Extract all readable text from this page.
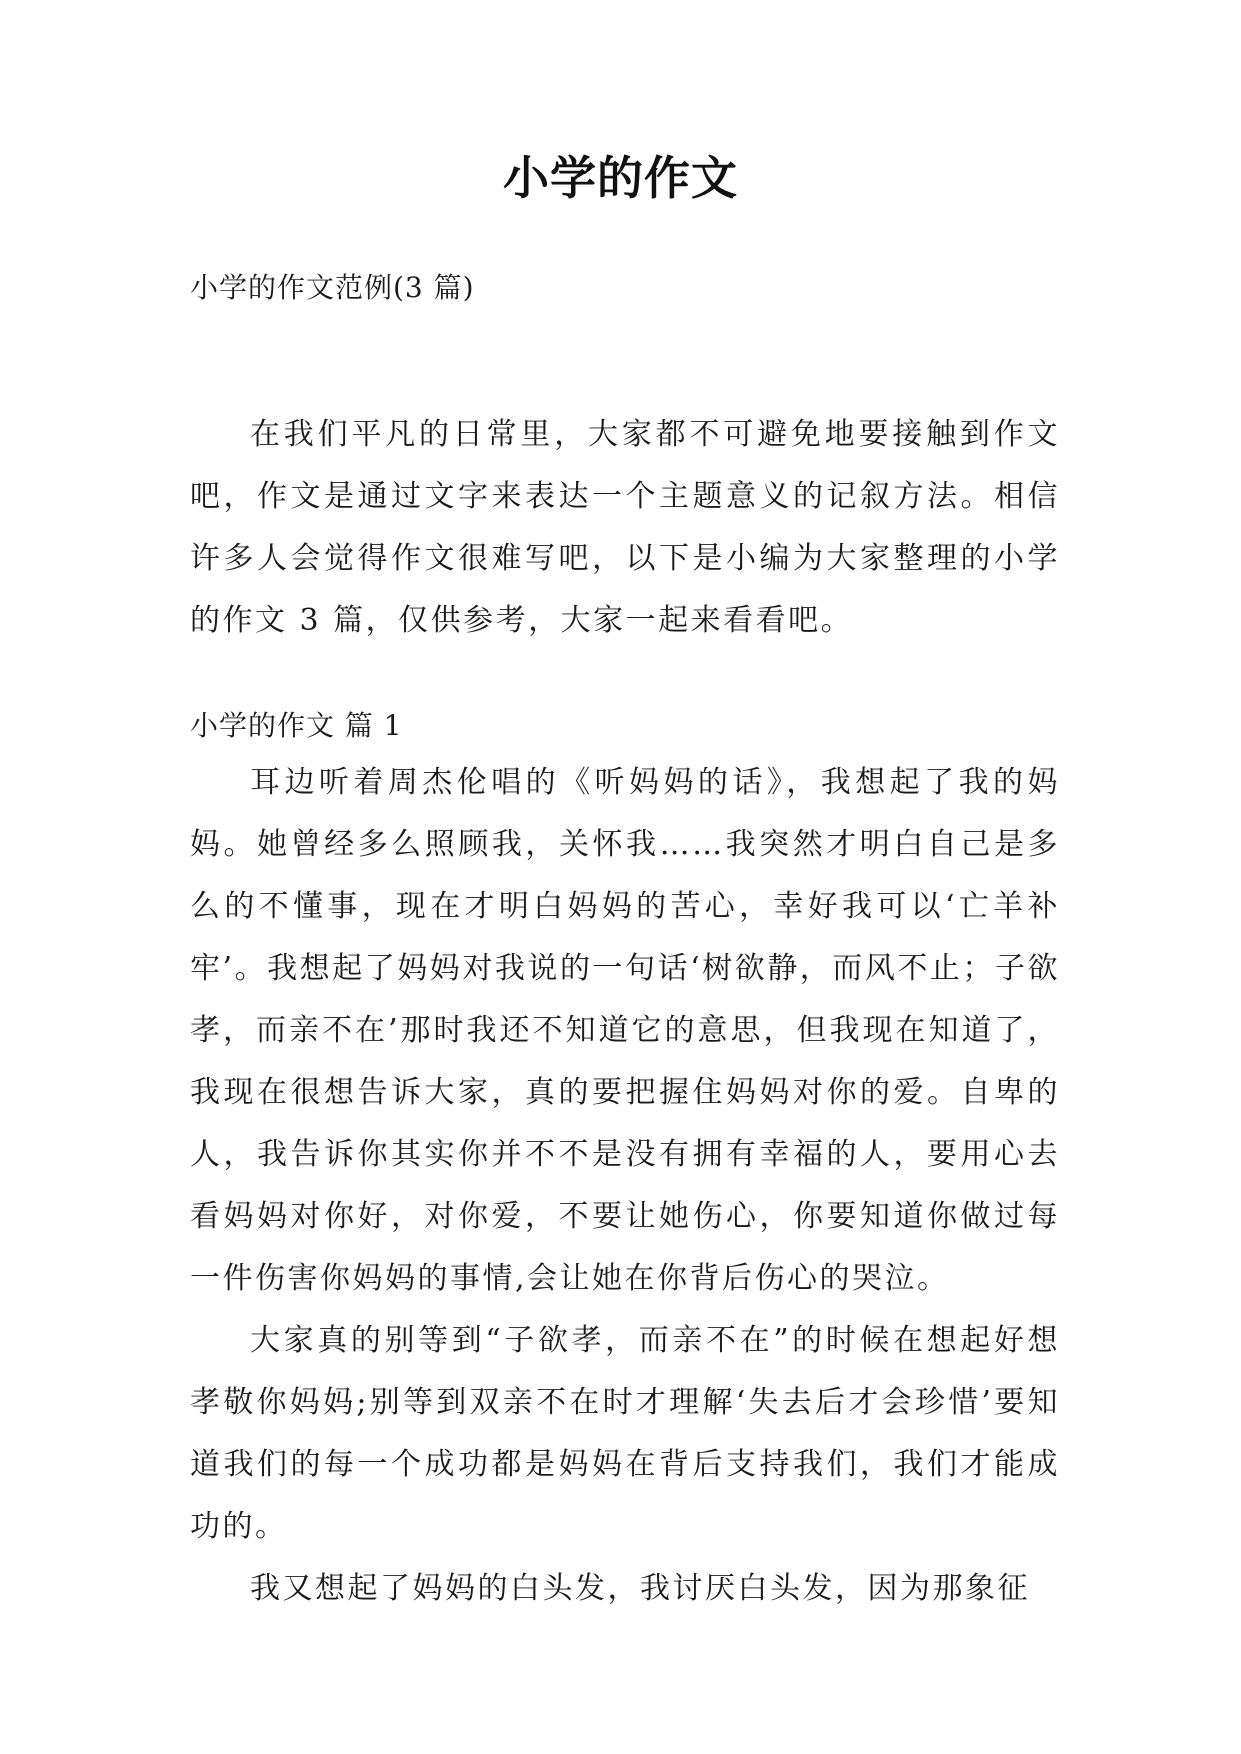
小学的作文
小学的作文范例(3 篇)

在我们平凡的日常里，大家都不可避免地要接触到作文吧，作文是通过文字来表达一个主题意义的记叙方法。相信许多人会觉得作文很难写吧，以下是小编为大家整理的小学的作文 3 篇，仅供参考，大家一起来看看吧。

小学的作文 篇 1

耳边听着周杰伦唱的《听妈妈的话》，我想起了我的妈妈。她曾经多么照顾我，关怀我……我突然才明白自己是多么的不懂事，现在才明白妈妈的苦心，幸好我可以‘亡羊补牢’。我想起了妈妈对我说的一句话‘树欲静，而风不止；子欲孝，而亲不在’那时我还不知道它的意思，但我现在知道了，我现在很想告诉大家，真的要把握住妈妈对你的爱。自卑的人，我告诉你其实你并不不是没有拥有幸福的人，要用心去看妈妈对你好，对你爱，不要让她伤心，你要知道你做过每一件伤害你妈妈的事情,会让她在你背后伤心的哭泣。

大家真的别等到“子欲孝，而亲不在”的时候在想起好想孝敬你妈妈;别等到双亲不在时才理解‘失去后才会珍惜’要知道我们的每一个成功都是妈妈在背后支持我们，我们才能成功的。

我又想起了妈妈的白头发，我讨厌白头发，因为那象征
